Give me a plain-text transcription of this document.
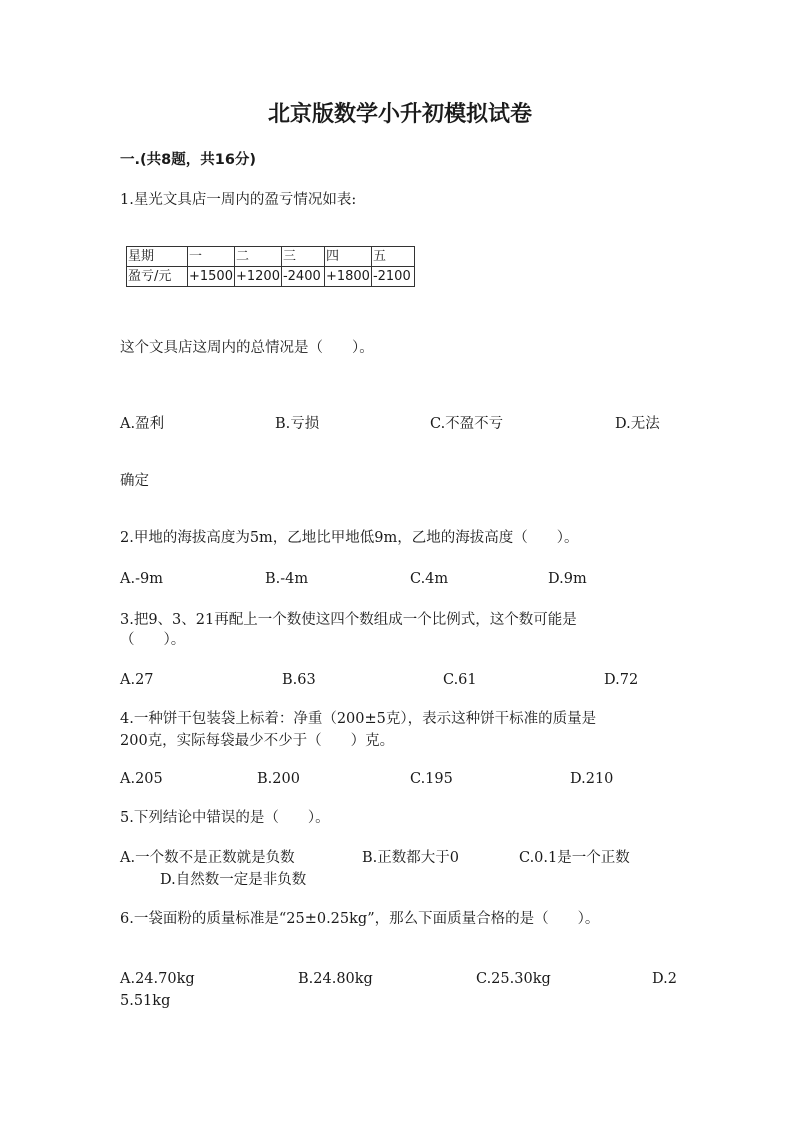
北京版数学小升初模拟试卷
一.(共8题，共16分)
1.星光文具店一周内的盈亏情况如表:
星期	一	二	三	四	五
盈亏/元	+1500	+1200	-2400	+1800	-2100
这个文具店这周内的总情况是（　　）。
A.盈利	B.亏损	C.不盈不亏	D.无法
确定
2.甲地的海拔高度为5m，乙地比甲地低9m，乙地的海拔高度（　　）。
A.-9m	B.-4m	C.4m	D.9m
3.把9、3、21再配上一个数使这四个数组成一个比例式，这个数可能是
（　　）。
A.27	B.63	C.61	D.72
4.一种饼干包装袋上标着：净重（200±5克），表示这种饼干标准的质量是
200克，实际每袋最少不少于（　　）克。
A.205	B.200	C.195	D.210
5.下列结论中错误的是（　　）。
A.一个数不是正数就是负数	B.正数都大于0	C.0.1是一个正数
D.自然数一定是非负数
6.一袋面粉的质量标准是“25±0.25kg”，那么下面质量合格的是（　　）。
A.24.70kg	B.24.80kg	C.25.30kg	D.2
5.51kg
